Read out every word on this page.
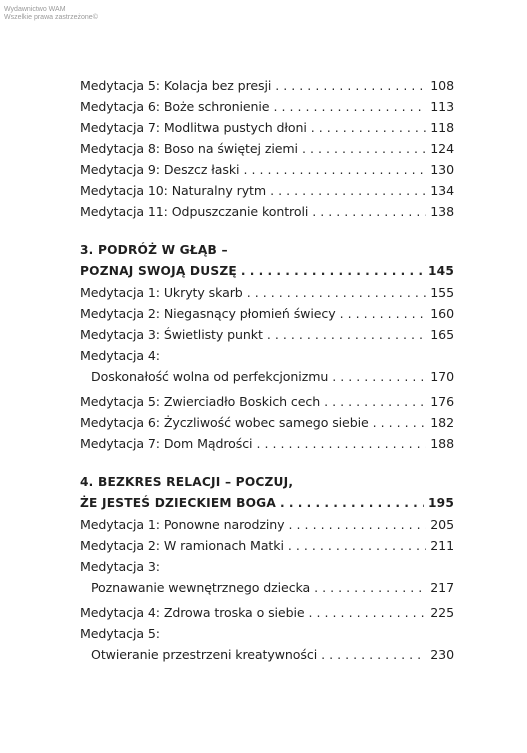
Wydawnictwo WAM
Wszelkie prawa zastrzeżone©
Medytacja 5: Kolacja bez presji . . .	108
Medytacja 6: Boże schronienie . . .	113
Medytacja 7: Modlitwa pustych dłoni . . .	118
Medytacja 8: Boso na świętej ziemi . . .	124
Medytacja 9: Deszcz łaski . . .	130
Medytacja 10: Naturalny rytm . . .	134
Medytacja 11: Odpuszczanie kontroli . . .	138
3. PODRÓŻ W GŁĄB –
POZNAJ SWOJĄ DUSZĘ . . .	145
Medytacja 1: Ukryty skarb . . .	155
Medytacja 2: Niegasnący płomień świecy . . .	160
Medytacja 3: Świetlisty punkt . . .	165
Medytacja 4:
Doskonałość wolna od perfekcjonizmu . . .	170
Medytacja 5: Zwierciadło Boskich cech . . .	176
Medytacja 6: Życzliwość wobec samego siebie . . .	182
Medytacja 7: Dom Mądrości . . .	188
4. BEZKRES RELACJI – POCZUJ,
ŻE JESTEŚ DZIECKIEM BOGA . . .	195
Medytacja 1: Ponowne narodziny . . .	205
Medytacja 2: W ramionach Matki . . .	211
Medytacja 3:
Poznawanie wewnętrznego dziecka . . .	217
Medytacja 4: Zdrowa troska o siebie . . .	225
Medytacja 5:
Otwieranie przestrzeni kreatywności . . .	230
